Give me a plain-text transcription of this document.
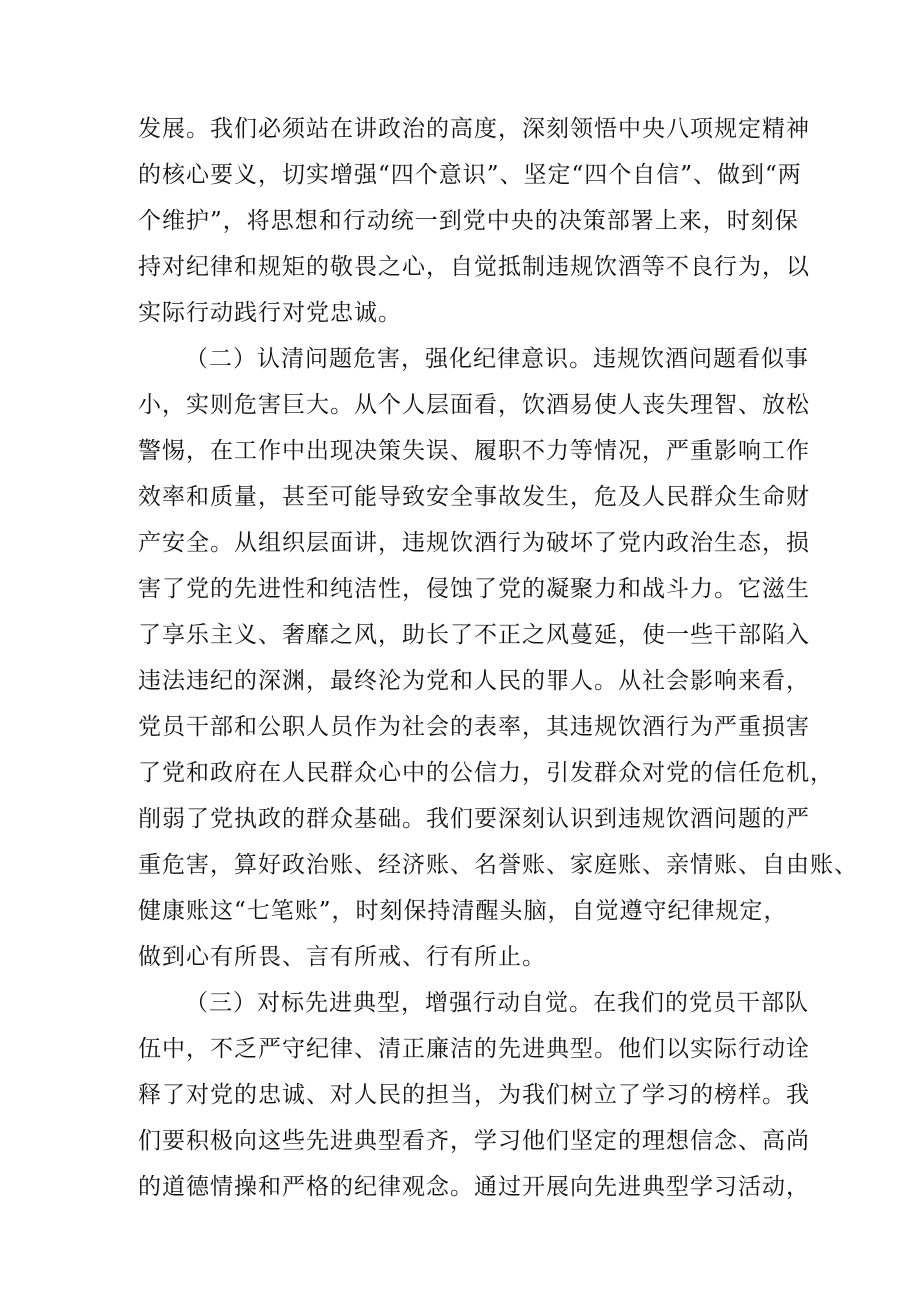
发展。我们必须站在讲政治的高度，深刻领悟中央八项规定精神
的核心要义，切实增强“四个意识”、坚定“四个自信”、做到“两
个维护”，将思想和行动统一到党中央的决策部署上来，时刻保
持对纪律和规矩的敬畏之心，自觉抵制违规饮酒等不良行为，以
实际行动践行对党忠诚。
（二）认清问题危害，强化纪律意识。违规饮酒问题看似事
小，实则危害巨大。从个人层面看，饮酒易使人丧失理智、放松
警惕，在工作中出现决策失误、履职不力等情况，严重影响工作
效率和质量，甚至可能导致安全事故发生，危及人民群众生命财
产安全。从组织层面讲，违规饮酒行为破坏了党内政治生态，损
害了党的先进性和纯洁性，侵蚀了党的凝聚力和战斗力。它滋生
了享乐主义、奢靡之风，助长了不正之风蔓延，使一些干部陷入
违法违纪的深渊，最终沦为党和人民的罪人。从社会影响来看，
党员干部和公职人员作为社会的表率，其违规饮酒行为严重损害
了党和政府在人民群众心中的公信力，引发群众对党的信任危机，
削弱了党执政的群众基础。我们要深刻认识到违规饮酒问题的严
重危害，算好政治账、经济账、名誉账、家庭账、亲情账、自由账、
健康账这“七笔账”，时刻保持清醒头脑，自觉遵守纪律规定，
做到心有所畏、言有所戒、行有所止。
（三）对标先进典型，增强行动自觉。在我们的党员干部队
伍中，不乏严守纪律、清正廉洁的先进典型。他们以实际行动诠
释了对党的忠诚、对人民的担当，为我们树立了学习的榜样。我
们要积极向这些先进典型看齐，学习他们坚定的理想信念、高尚
的道德情操和严格的纪律观念。通过开展向先进典型学习活动，
